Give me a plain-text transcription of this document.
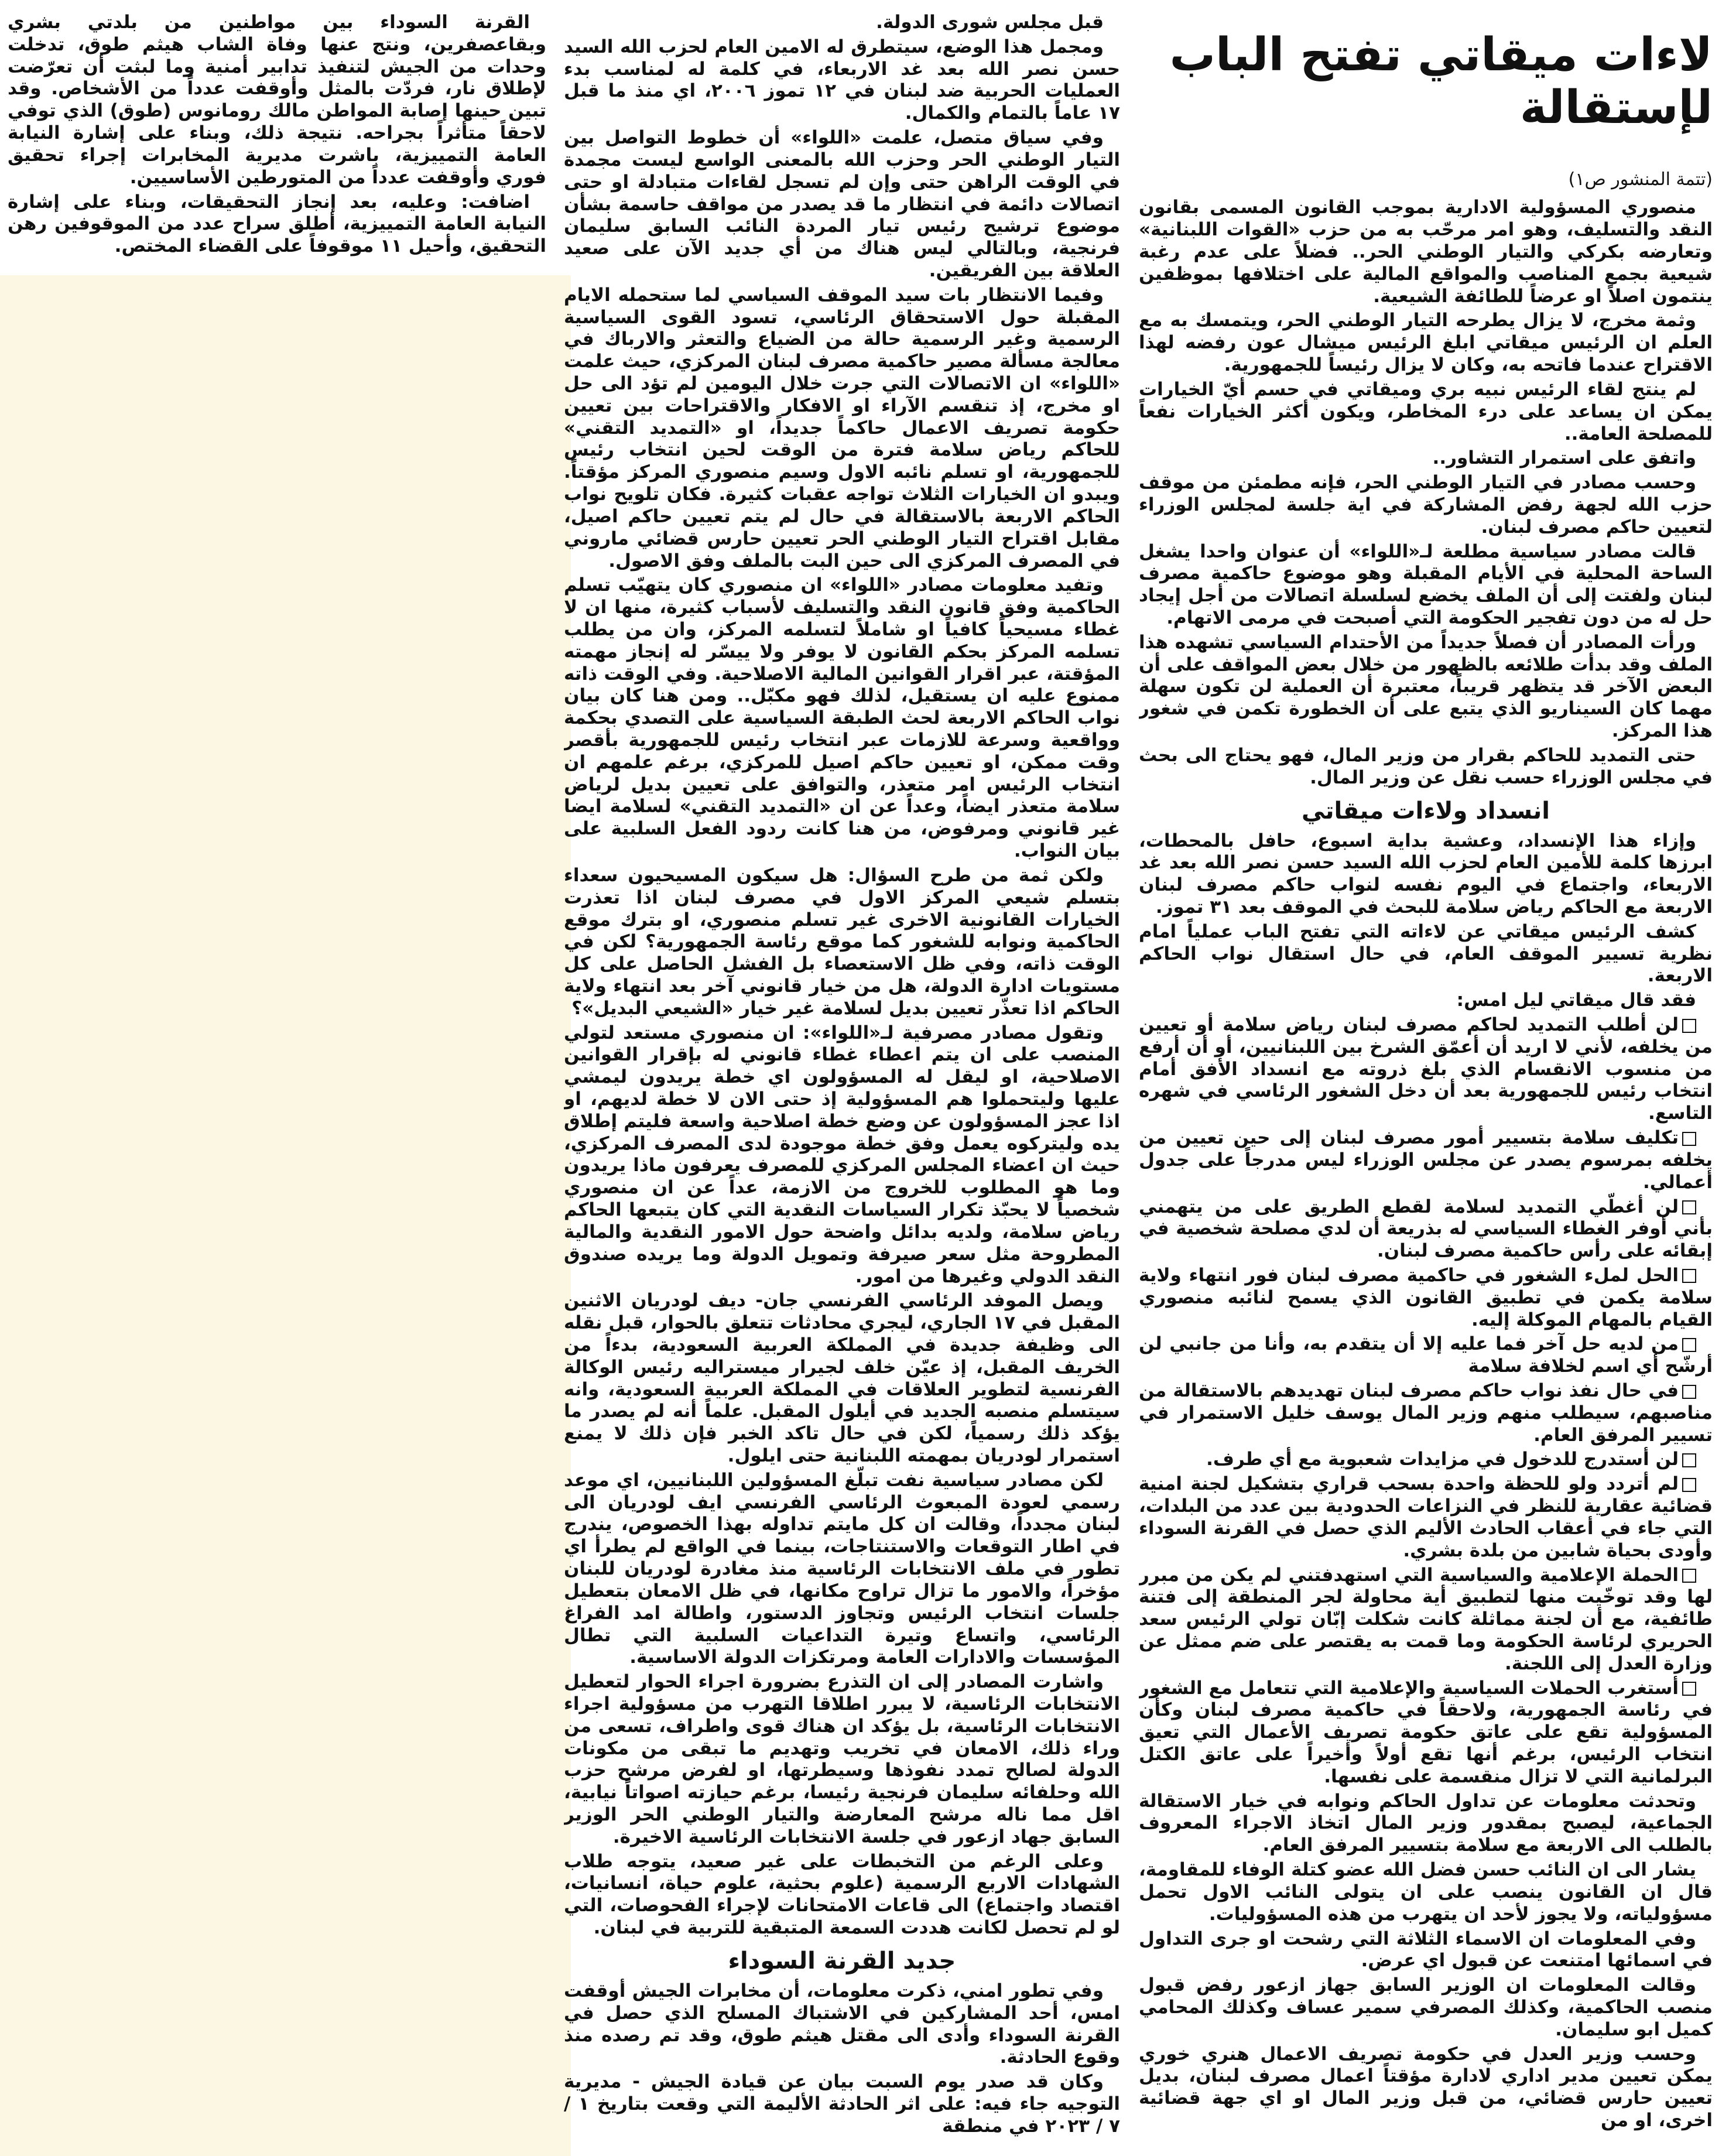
لاءات ميقاتي تفتح الباب لإستقالة
(تتمة المنشور ص١)

منصوري المسؤولية الادارية بموجب القانون المسمى بقانون النقد والتسليف، وهو امر مرحّب به من حزب «القوات اللبنانية» وتعارضه بكركي والتيار الوطني الحر.. فضلاً على عدم رغبة شيعية بجمع المناصب والمواقع المالية على اختلافها بموظفين ينتمون اصلاً او عرضاً للطائفة الشيعية.

وثمة مخرج، لا يزال يطرحه التيار الوطني الحر، ويتمسك به مع العلم ان الرئيس ميقاتي ابلغ الرئيس ميشال عون رفضه لهذا الاقتراح عندما فاتحه به، وكان لا يزال رئيساً للجمهورية.

لم ينتج لقاء الرئيس نبيه بري وميقاتي في حسم أيّ الخيارات يمكن ان يساعد على درء المخاطر، ويكون أكثر الخيارات نفعاً للمصلحة العامة..

واتفق على استمرار التشاور..

وحسب مصادر في التيار الوطني الحر، فإنه مطمئن من موقف حزب الله لجهة رفض المشاركة في اية جلسة لمجلس الوزراء لتعيين حاكم مصرف لبنان.

قالت مصادر سياسية مطلعة لـ«اللواء» أن عنوان واحدا يشغل الساحة المحلية في الأيام المقبلة وهو موضوع حاكمية مصرف لبنان ولفتت إلى أن الملف يخضع لسلسلة اتصالات من أجل إيجاد حل له من دون تفجير الحكومة التي أصبحت في مرمى الاتهام.

ورأت المصادر أن فصلاً جديداً من الأحتدام السياسي تشهده هذا الملف وقد بدأت طلائعه بالظهور من خلال بعض المواقف على أن البعض الآخر قد يتظهر قريباً، معتبرة أن العملية لن تكون سهلة مهما كان السيناريو الذي يتبع على أن الخطورة تكمن في شغور هذا المركز.

حتى التمديد للحاكم بقرار من وزير المال، فهو يحتاج الى بحث في مجلس الوزراء حسب نقل عن وزير المال.

انسداد ولاءات ميقاتي

وإزاء هذا الإنسداد، وعشية بداية اسبوع، حافل بالمحطات، ابرزها كلمة للأمين العام لحزب الله السيد حسن نصر الله بعد غد الاربعاء، واجتماع في اليوم نفسه لنواب حاكم مصرف لبنان الاربعة مع الحاكم رياض سلامة للبحث في الموقف بعد ٣١ تموز.

كشف الرئيس ميقاتي عن لاءاته التي تفتح الباب عملياً امام نظرية تسيير الموقف العام، في حال استقال نواب الحاكم الاربعة.

فقد قال ميقاتي ليل امس:

لن أطلب التمديد لحاكم مصرف لبنان رياض سلامة أو تعيين من يخلفه، لأني لا اريد أن أعمّق الشرخ بين اللبنانيين، أو أن أرفع من منسوب الانقسام الذي بلغ ذروته مع انسداد الأفق أمام انتخاب رئيس للجمهورية بعد أن دخل الشغور الرئاسي في شهره التاسع.

تكليف سلامة بتسيير أمور مصرف لبنان إلى حين تعيين من يخلفه بمرسوم يصدر عن مجلس الوزراء ليس مدرجاً على جدول أعمالي.

لن أغطّي التمديد لسلامة لقطع الطريق على من يتهمني بأني أوفر الغطاء السياسي له بذريعة أن لدي مصلحة شخصية في إبقائه على رأس حاكمية مصرف لبنان.

الحل لملء الشغور في حاكمية مصرف لبنان فور انتهاء ولاية سلامة يكمن في تطبيق القانون الذي يسمح لنائبه منصوري القيام بالمهام الموكلة إليه.

من لديه حل آخر فما عليه إلا أن يتقدم به، وأنا من جانبي لن أرشّح أي اسم لخلافة سلامة

في حال نفذ نواب حاكم مصرف لبنان تهديدهم بالاستقالة من مناصبهم، سيطلب منهم وزير المال يوسف خليل الاستمرار في تسيير المرفق العام.

لن أستدرج للدخول في مزايدات شعبوية مع أي طرف.

لم أتردد ولو للحظة واحدة بسحب قراري بتشكيل لجنة امنية قضائية عقارية للنظر في النزاعات الحدودية بين عدد من البلدات، التي جاء في أعقاب الحادث الأليم الذي حصل في القرنة السوداء وأودى بحياة شابين من بلدة بشري.

الحملة الإعلامية والسياسية التي استهدفتني لم يكن من مبرر لها وقد توخّيت منها لتطبيق أية محاولة لجر المنطقة إلى فتنة طائفية، مع أن لجنة مماثلة كانت شكلت إبّان تولي الرئيس سعد الحريري لرئاسة الحكومة وما قمت به يقتصر على ضم ممثل عن وزارة العدل إلى اللجنة.

أستغرب الحملات السياسية والإعلامية التي تتعامل مع الشغور في رئاسة الجمهورية، ولاحقاً في حاكمية مصرف لبنان وكأن المسؤولية تقع على عاتق حكومة تصريف الأعمال التي تعيق انتخاب الرئيس، برغم أنها تقع أولاً وأخيراً على عاتق الكتل البرلمانية التي لا تزال منقسمة على نفسها.

وتحدثت معلومات عن تداول الحاكم ونوابه في خيار الاستقالة الجماعية، ليصبح بمقدور وزير المال اتخاذ الاجراء المعروف بالطلب الى الاربعة مع سلامة بتسيير المرفق العام.

يشار الى ان النائب حسن فضل الله عضو كتلة الوفاء للمقاومة، قال ان القانون ينصب على ان يتولى النائب الاول تحمل مسؤولياته، ولا يجوز لأحد ان يتهرب من هذه المسؤوليات.

وفي المعلومات ان الاسماء الثلاثة التي رشحت او جرى التداول في اسمائها امتنعت عن قبول اي عرض.

وقالت المعلومات ان الوزير السابق جهاز ازعور رفض قبول منصب الحاكمية، وكذلك المصرفي سمير عساف وكذلك المحامي كميل ابو سليمان.

وحسب وزير العدل في حكومة تصريف الاعمال هنري خوري يمكن تعيين مدير اداري لادارة مؤقتاً اعمال مصرف لبنان، بديل تعيين حارس قضائي، من قبل وزير المال او اي جهة قضائية اخرى، او من

قبل مجلس شورى الدولة.

ومجمل هذا الوضع، سيتطرق له الامين العام لحزب الله السيد حسن نصر الله بعد غد الاربعاء، في كلمة له لمناسب بدء العمليات الحربية ضد لبنان في ١٢ تموز ٢٠٠٦، اي منذ ما قبل ١٧ عاماً بالتمام والكمال.

وفي سياق متصل، علمت «اللواء» أن خطوط التواصل بين التيار الوطني الحر وحزب الله بالمعنى الواسع ليست مجمدة في الوقت الراهن حتى وإن لم تسجل لقاءات متبادلة او حتى اتصالات دائمة في انتظار ما قد يصدر من مواقف حاسمة بشأن موضوع ترشيح رئيس تيار المردة النائب السابق سليمان فرنجية، وبالتالي ليس هناك من أي جديد الآن على صعيد العلاقة بين الفريقين.

وفيما الانتظار بات سيد الموقف السياسي لما ستحمله الايام المقبلة حول الاستحقاق الرئاسي، تسود القوى السياسية الرسمية وغير الرسمية حالة من الضياع والتعثر والارباك في معالجة مسألة مصير حاكمية مصرف لبنان المركزي، حيث علمت «اللواء» ان الاتصالات التي جرت خلال اليومين لم تؤد الى حل او مخرج، إذ تنقسم الآراء او الافكار والاقتراحات بين تعيين حكومة تصريف الاعمال حاكماً جديداً، او «التمديد التقني» للحاكم رياض سلامة فترة من الوقت لحين انتخاب رئيس للجمهورية، او تسلم نائبه الاول وسيم منصوري المركز مؤقتاً. ويبدو ان الخيارات الثلاث تواجه عقبات كثيرة. فكان تلويح نواب الحاكم الاربعة بالاستقالة في حال لم يتم تعيين حاكم اصيل، مقابل اقتراح التيار الوطني الحر تعيين حارس قضائي ماروني في المصرف المركزي الى حين البت بالملف وفق الاصول.

وتفيد معلومات مصادر «اللواء» ان منصوري كان يتهيّب تسلم الحاكمية وفق قانون النقد والتسليف لأسباب كثيرة، منها ان لا غطاء مسيحياً كافياً او شاملاً لتسلمه المركز، وان من يطلب تسلمه المركز بحكم القانون لا يوفر ولا ييسّر له إنجاز مهمته المؤقتة، عبر اقرار القوانين المالية الاصلاحية. وفي الوقت ذاته ممنوع عليه ان يستقيل، لذلك فهو مكبّل.. ومن هنا كان بيان نواب الحاكم الاربعة لحث الطبقة السياسية على التصدي بحكمة وواقعية وسرعة للازمات عبر انتخاب رئيس للجمهورية بأقصر وقت ممكن، او تعيين حاكم اصيل للمركزي، برغم علمهم ان انتخاب الرئيس امر متعذر، والتوافق على تعيين بديل لرياض سلامة متعذر ايضاً، وعداً عن ان «التمديد التقني» لسلامة ايضا غير قانوني ومرفوض، من هنا كانت ردود الفعل السلبية على بيان النواب.

ولكن ثمة من طرح السؤال: هل سيكون المسيحيون سعداء بتسلم شيعي المركز الاول في مصرف لبنان اذا تعذرت الخيارات القانونية الاخرى غير تسلم منصوري، او بترك موقع الحاكمية ونوابه للشغور كما موقع رئاسة الجمهورية؟ لكن في الوقت ذاته، وفي ظل الاستعصاء بل الفشل الحاصل على كل مستويات ادارة الدولة، هل من خيار قانوني آخر بعد انتهاء ولاية الحاكم اذا تعذّر تعيين بديل لسلامة غير خيار «الشيعي البديل»؟

وتقول مصادر مصرفية لـ«اللواء»: ان منصوري مستعد لتولي المنصب على ان يتم اعطاء غطاء قانوني له بإقرار القوانين الاصلاحية، او ليقل له المسؤولون اي خطة يريدون ليمشي عليها وليتحملوا هم المسؤولية إذ حتى الان لا خطة لديهم، او اذا عجز المسؤولون عن وضع خطة اصلاحية واسعة فليتم إطلاق يده وليتركوه يعمل وفق خطة موجودة لدى المصرف المركزي، حيث ان اعضاء المجلس المركزي للمصرف يعرفون ماذا يريدون وما هو المطلوب للخروج من الازمة، عداً عن ان منصوري شخصياً لا يحبّذ تكرار السياسات النقدية التي كان يتبعها الحاكم رياض سلامة، ولديه بدائل واضحة حول الامور النقدية والمالية المطروحة مثل سعر صيرفة وتمويل الدولة وما يريده صندوق النقد الدولي وغيرها من امور.

ويصل الموفد الرئاسي الفرنسي جان- ديف لودريان الاثنين المقبل في ١٧ الجاري، ليجري محادثات تتعلق بالحوار، قبل نقله الى وظيفة جديدة في المملكة العربية السعودية، بدءاً من الخريف المقبل، إذ عيّن خلف لجيرار ميستراليه رئيس الوكالة الفرنسية لتطوير العلاقات في المملكة العربية السعودية، وانه سيتسلم منصبه الجديد في أيلول المقبل. علماً أنه لم يصدر ما يؤكد ذلك رسمياً، لكن في حال تاكد الخبر فإن ذلك لا يمنع استمرار لودريان بمهمته اللبنانية حتى ايلول.

لكن مصادر سياسية نفت تبلّغ المسؤولين اللبنانيين، اي موعد رسمي لعودة المبعوث الرئاسي الفرنسي ايف لودريان الى لبنان مجدداً، وقالت ان كل مايتم تداوله بهذا الخصوص، يندرج في اطار التوقعات والاستنتاجات، بينما في الواقع لم يطرأ اي تطور في ملف الانتخابات الرئاسية منذ مغادرة لودريان للبنان مؤخراً، والامور ما تزال تراوح مكانها، في ظل الامعان بتعطيل جلسات انتخاب الرئيس وتجاوز الدستور، واطالة امد الفراغ الرئاسي، واتساع وتيرة التداعيات السلبية التي تطال المؤسسات والادارات العامة ومرتكزات الدولة الاساسية.

واشارت المصادر إلى ان التذرع بضرورة اجراء الحوار لتعطيل الانتخابات الرئاسية، لا يبرر اطلاقا التهرب من مسؤولية اجراء الانتخابات الرئاسية، بل يؤكد ان هناك قوى واطراف، تسعى من وراء ذلك، الامعان في تخريب وتهديم ما تبقى من مكونات الدولة لصالح تمدد نفوذها وسيطرتها، او لفرض مرشح حزب الله وحلفائه سليمان فرنجية رئيسا، برغم حيازته اصواتاً نيابية، اقل مما ناله مرشح المعارضة والتيار الوطني الحر الوزير السابق جهاد ازعور في جلسة الانتخابات الرئاسية الاخيرة.

وعلى الرغم من التخبطات على غير صعيد، يتوجه طلاب الشهادات الاربع الرسمية (علوم بحثية، علوم حياة، انسانيات، اقتصاد واجتماع) الى قاعات الامتحانات لإجراء الفحوصات، التي لو لم تحصل لكانت هددت السمعة المتبقية للتربية في لبنان.

جديد القرنة السوداء

وفي تطور امني، ذكرت معلومات، أن مخابرات الجيش أوقفت امس، أحد المشاركين في الاشتباك المسلح الذي حصل في القرنة السوداء وأدى الى مقتل هيثم طوق، وقد تم رصده منذ وقوع الحادثة.

وكان قد صدر يوم السبت بيان عن قيادة الجيش - مديرية التوجيه جاء فيه: على اثر الحادثة الأليمة التي وقعت بتاريخ ١ / ٧ / ٢٠٢٣ في منطقة

القرنة السوداء بين مواطنين من بلدتي بشري وبقاعصفرين، ونتج عنها وفاة الشاب هيثم طوق، تدخلت وحدات من الجيش لتنفيذ تدابير أمنية وما لبثت أن تعرّضت لإطلاق نار، فردّت بالمثل وأوقفت عدداً من الأشخاص. وقد تبين حينها إصابة المواطن مالك رومانوس (طوق) الذي توفي لاحقاً متأثراً بجراحه. نتيجة ذلك، وبناء على إشارة النيابة العامة التمييزية، باشرت مديرية المخابرات إجراء تحقيق فوري وأوقفت عدداً من المتورطين الأساسيين.

اضافت: وعليه، بعد إنجاز التحقيقات، وبناء على إشارة النيابة العامة التمييزية، أطلق سراح عدد من الموقوفين رهن التحقيق، وأحيل ١١ موقوفاً على القضاء المختص.
